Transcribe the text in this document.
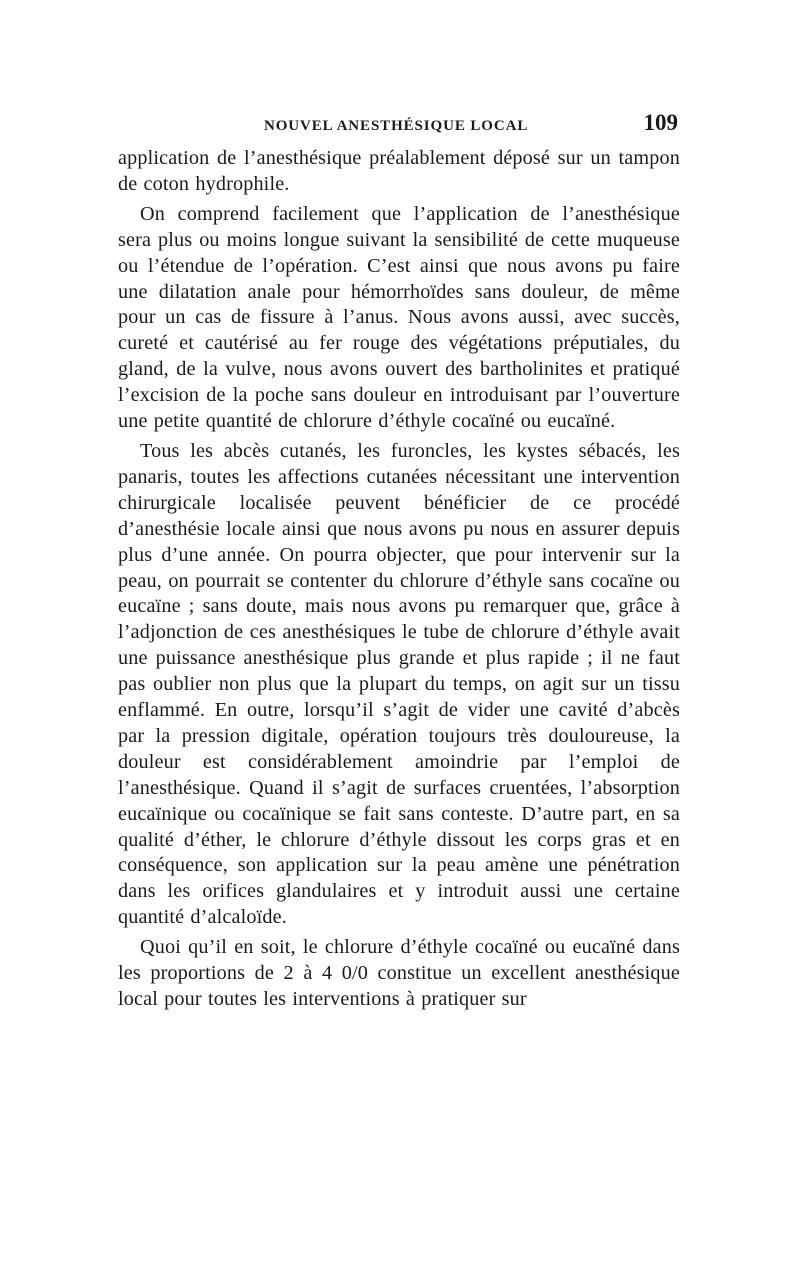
NOUVEL ANESTHÉSIQUE LOCAL	109

application de l’anesthésique préalablement déposé sur un tampon de coton hydrophile.

On comprend facilement que l’application de l’anesthésique sera plus ou moins longue suivant la sensibilité de cette muqueuse ou l’étendue de l’opération. C’est ainsi que nous avons pu faire une dilatation anale pour hémorrhoïdes sans douleur, de même pour un cas de fissure à l’anus. Nous avons aussi, avec succès, cureté et cautérisé au fer rouge des végétations préputiales, du gland, de la vulve, nous avons ouvert des bartholinites et pratiqué l’excision de la poche sans douleur en introduisant par l’ouverture une petite quantité de chlorure d’éthyle cocaïné ou eucaïné.

Tous les abcès cutanés, les furoncles, les kystes sébacés, les panaris, toutes les affections cutanées nécessitant une intervention chirurgicale localisée peuvent bénéficier de ce procédé d’anesthésie locale ainsi que nous avons pu nous en assurer depuis plus d’une année. On pourra objecter, que pour intervenir sur la peau, on pourrait se contenter du chlorure d’éthyle sans cocaïne ou eucaïne ; sans doute, mais nous avons pu remarquer que, grâce à l’adjonction de ces anesthésiques le tube de chlorure d’éthyle avait une puissance anesthésique plus grande et plus rapide ; il ne faut pas oublier non plus que la plupart du temps, on agit sur un tissu enflammé. En outre, lorsqu’il s’agit de vider une cavité d’abcès par la pression digitale, opération toujours très douloureuse, la douleur est considérablement amoindrie par l’emploi de l’anesthésique. Quand il s’agit de surfaces cruentées, l’absorption eucaïnique ou cocaïnique se fait sans conteste. D’autre part, en sa qualité d’éther, le chlorure d’éthyle dissout les corps gras et en conséquence, son application sur la peau amène une pénétration dans les orifices glandulaires et y introduit aussi une certaine quantité d’alcaloïde.

Quoi qu’il en soit, le chlorure d’éthyle cocaïné ou eucaïné dans les proportions de 2 à 4 0/0 constitue un excellent anesthésique local pour toutes les interventions à pratiquer sur
